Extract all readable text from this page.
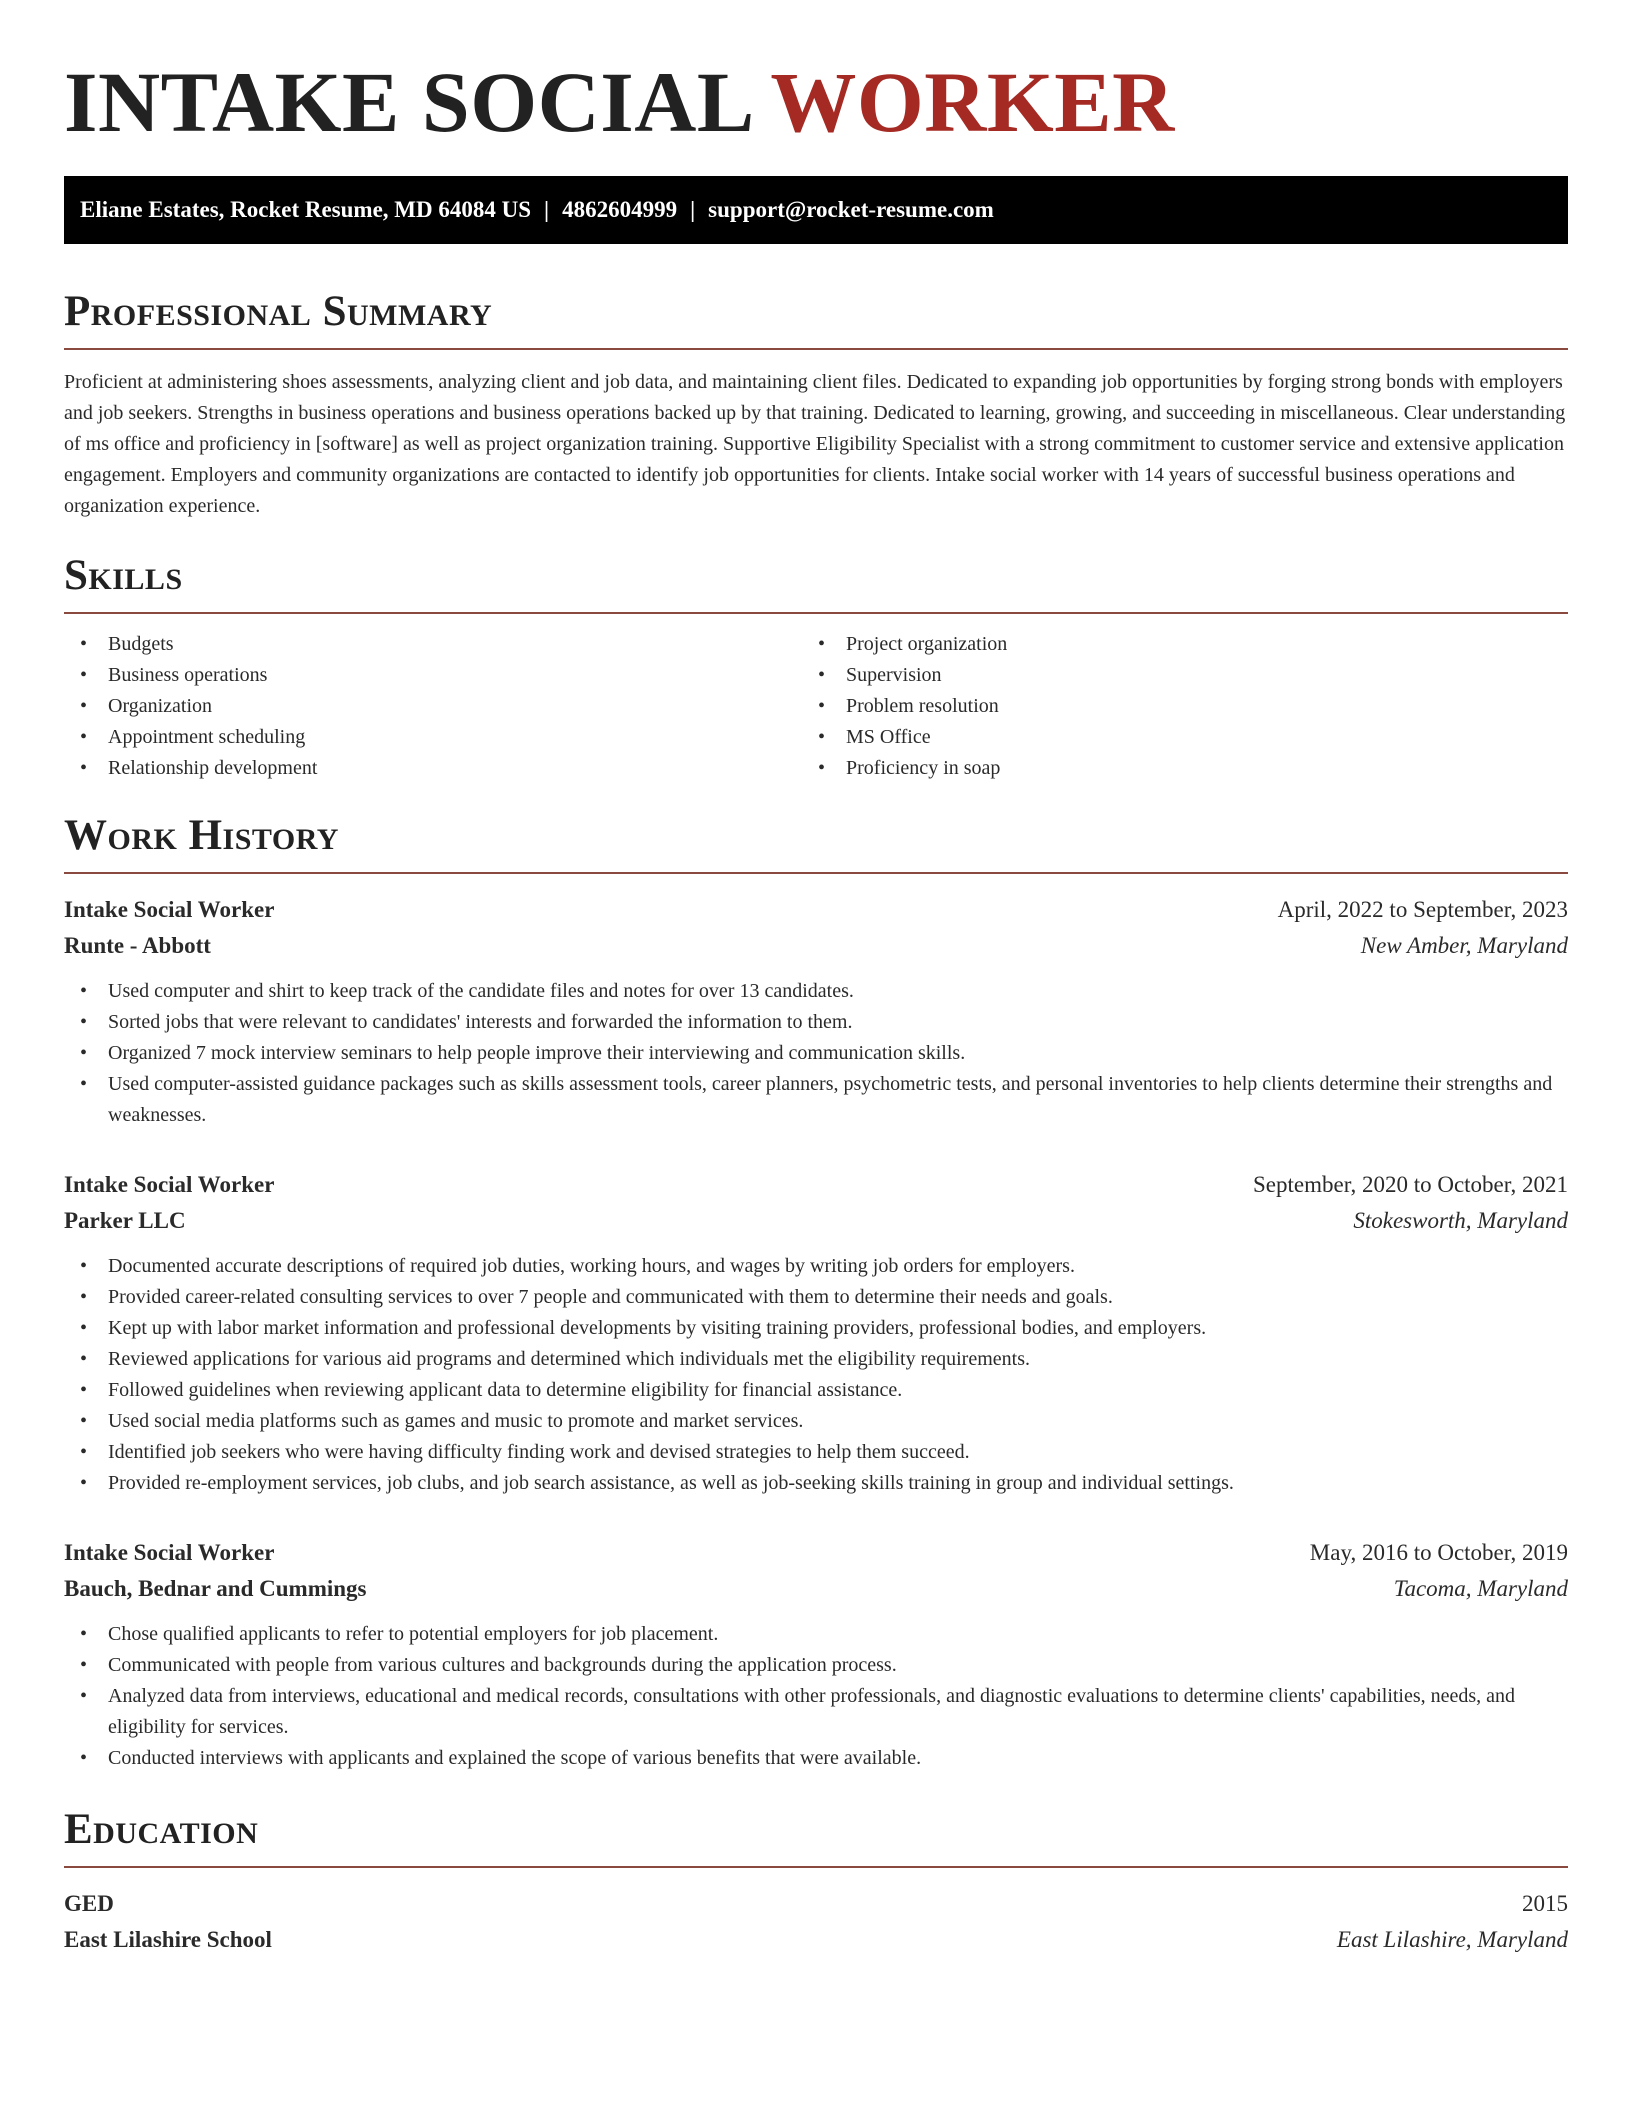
INTAKE SOCIAL WORKER
Eliane Estates, Rocket Resume, MD 64084 US | 4862604999 | support@rocket-resume.com
Professional Summary

Proficient at administering shoes assessments, analyzing client and job data, and maintaining client files. Dedicated to expanding job opportunities by forging strong bonds with employers and job seekers. Strengths in business operations and business operations backed up by that training. Dedicated to learning, growing, and succeeding in miscellaneous. Clear understanding of ms office and proficiency in [software] as well as project organization training. Supportive Eligibility Specialist with a strong commitment to customer service and extensive application engagement. Employers and community organizations are contacted to identify job opportunities for clients. Intake social worker with 14 years of successful business operations and organization experience.

Skills
• Budgets
• Business operations
• Organization
• Appointment scheduling
• Relationship development
• Project organization
• Supervision
• Problem resolution
• MS Office
• Proficiency in soap
Work History
Intake Social Worker	April, 2022 to September, 2023
Runte - Abbott	New Amber, Maryland
• Used computer and shirt to keep track of the candidate files and notes for over 13 candidates.
• Sorted jobs that were relevant to candidates' interests and forwarded the information to them.
• Organized 7 mock interview seminars to help people improve their interviewing and communication skills.
• Used computer-assisted guidance packages such as skills assessment tools, career planners, psychometric tests, and personal inventories to help clients determine their strengths and weaknesses.
Intake Social Worker	September, 2020 to October, 2021
Parker LLC	Stokesworth, Maryland
• Documented accurate descriptions of required job duties, working hours, and wages by writing job orders for employers.
• Provided career-related consulting services to over 7 people and communicated with them to determine their needs and goals.
• Kept up with labor market information and professional developments by visiting training providers, professional bodies, and employers.
• Reviewed applications for various aid programs and determined which individuals met the eligibility requirements.
• Followed guidelines when reviewing applicant data to determine eligibility for financial assistance.
• Used social media platforms such as games and music to promote and market services.
• Identified job seekers who were having difficulty finding work and devised strategies to help them succeed.
• Provided re-employment services, job clubs, and job search assistance, as well as job-seeking skills training in group and individual settings.
Intake Social Worker	May, 2016 to October, 2019
Bauch, Bednar and Cummings	Tacoma, Maryland
• Chose qualified applicants to refer to potential employers for job placement.
• Communicated with people from various cultures and backgrounds during the application process.
• Analyzed data from interviews, educational and medical records, consultations with other professionals, and diagnostic evaluations to determine clients' capabilities, needs, and eligibility for services.
• Conducted interviews with applicants and explained the scope of various benefits that were available.
Education
GED	2015
East Lilashire School	East Lilashire, Maryland
